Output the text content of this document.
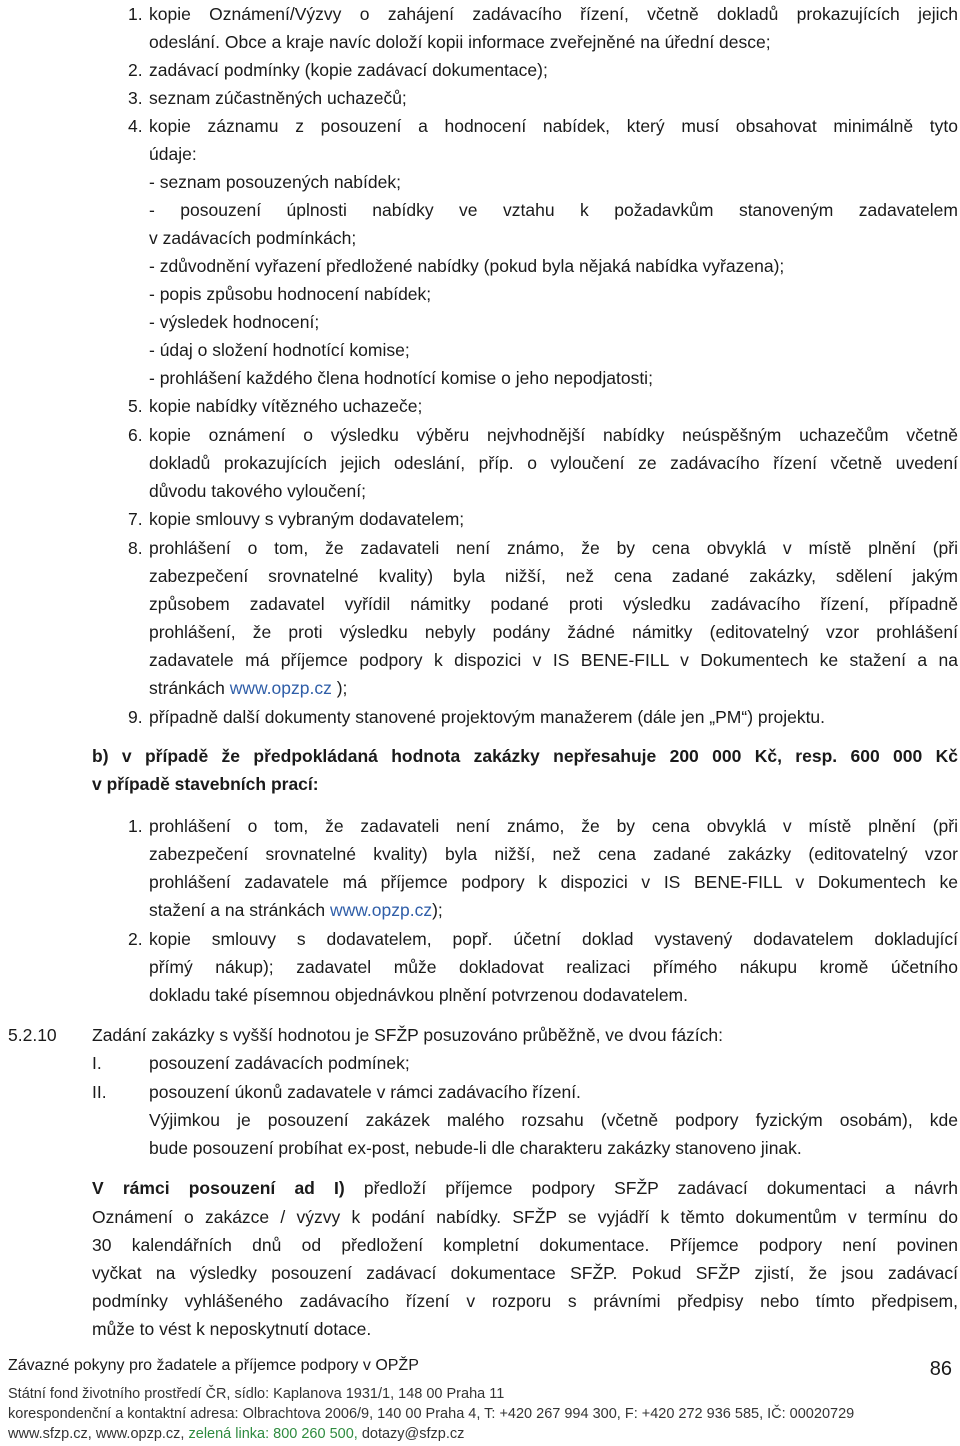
1. kopie Oznámení/Výzvy o zahájení zadávacího řízení, včetně dokladů prokazujících jejich
odeslání. Obce a kraje navíc doloží kopii informace zveřejněné na úřední desce;
2. zadávací podmínky (kopie zadávací dokumentace);
3. seznam zúčastněných uchazečů;
4. kopie záznamu z posouzení a hodnocení nabídek, který musí obsahovat minimálně tyto
údaje:
- seznam posouzených nabídek;
- posouzení úplnosti nabídky ve vztahu k požadavkům stanoveným zadavatelem
v zadávacích podmínkách;
- zdůvodnění vyřazení předložené nabídky (pokud byla nějaká nabídka vyřazena);
- popis způsobu hodnocení nabídek;
- výsledek hodnocení;
- údaj o složení hodnotící komise;
- prohlášení každého člena hodnotící komise o jeho nepodjatosti;
5. kopie nabídky vítězného uchazeče;
6. kopie oznámení o výsledku výběru nejvhodnější nabídky neúspěšným uchazečům včetně
dokladů prokazujících jejich odeslání, příp. o vyloučení ze zadávacího řízení včetně uvedení
důvodu takového vyloučení;
7. kopie smlouvy s vybraným dodavatelem;
8. prohlášení o tom, že zadavateli není známo, že by cena obvyklá v místě plnění (při
zabezpečení srovnatelné kvality) byla nižší, než cena zadané zakázky, sdělení jakým
způsobem zadavatel vyřídil námitky podané proti výsledku zadávacího řízení, případně
prohlášení, že proti výsledku nebyly podány žádné námitky (editovatelný vzor prohlášení
zadavatele má příjemce podpory k dispozici v IS BENE-FILL v Dokumentech ke stažení a na
stránkách www.opzp.cz );
9. případně další dokumenty stanovené projektovým manažerem (dále jen „PM“) projektu.
b) v případě že předpokládaná hodnota zakázky nepřesahuje 200 000 Kč, resp. 600 000 Kč
v případě stavebních prací:
1. prohlášení o tom, že zadavateli není známo, že by cena obvyklá v místě plnění (při
zabezpečení srovnatelné kvality) byla nižší, než cena zadané zakázky (editovatelný vzor
prohlášení zadavatele má příjemce podpory k dispozici v IS BENE-FILL v Dokumentech ke
stažení a na stránkách www.opzp.cz);
2. kopie smlouvy s dodavatelem, popř. účetní doklad vystavený dodavatelem dokladující
přímý nákup); zadavatel může dokladovat realizaci přímého nákupu kromě účetního
dokladu také písemnou objednávkou plnění potvrzenou dodavatelem.
5.2.10 Zadání zakázky s vyšší hodnotou je SFŽP posuzováno průběžně, ve dvou fázích:
I.	posouzení zadávacích podmínek;
II. posouzení úkonů zadavatele v rámci zadávacího řízení.
Výjimkou je posouzení zakázek malého rozsahu (včetně podpory fyzickým osobám), kde
bude posouzení probíhat ex-post, nebude-li dle charakteru zakázky stanoveno jinak.
V rámci posouzení ad I) předloží příjemce podpory SFŽP zadávací dokumentaci a návrh
Oznámení o zakázce / výzvy k podání nabídky. SFŽP se vyjádří k těmto dokumentům v termínu do
30 kalendářních dnů od předložení kompletní dokumentace. Příjemce podpory není povinen
vyčkat na výsledky posouzení zadávací dokumentace SFŽP. Pokud SFŽP zjistí, že jsou zadávací
podmínky vyhlášeného zadávacího řízení v rozporu s právními předpisy nebo tímto předpisem,
může to vést k neposkytnutí dotace.
Závazné pokyny pro žadatele a příjemce podpory v OPŽP	86
Státní fond životního prostředí ČR, sídlo: Kaplanova 1931/1, 148 00 Praha 11
korespondenční a kontaktní adresa: Olbrachtova 2006/9, 140 00 Praha 4, T: +420 267 994 300, F: +420 272 936 585, IČ: 00020729
www.sfzp.cz, www.opzp.cz, zelená linka: 800 260 500, dotazy@sfzp.cz
